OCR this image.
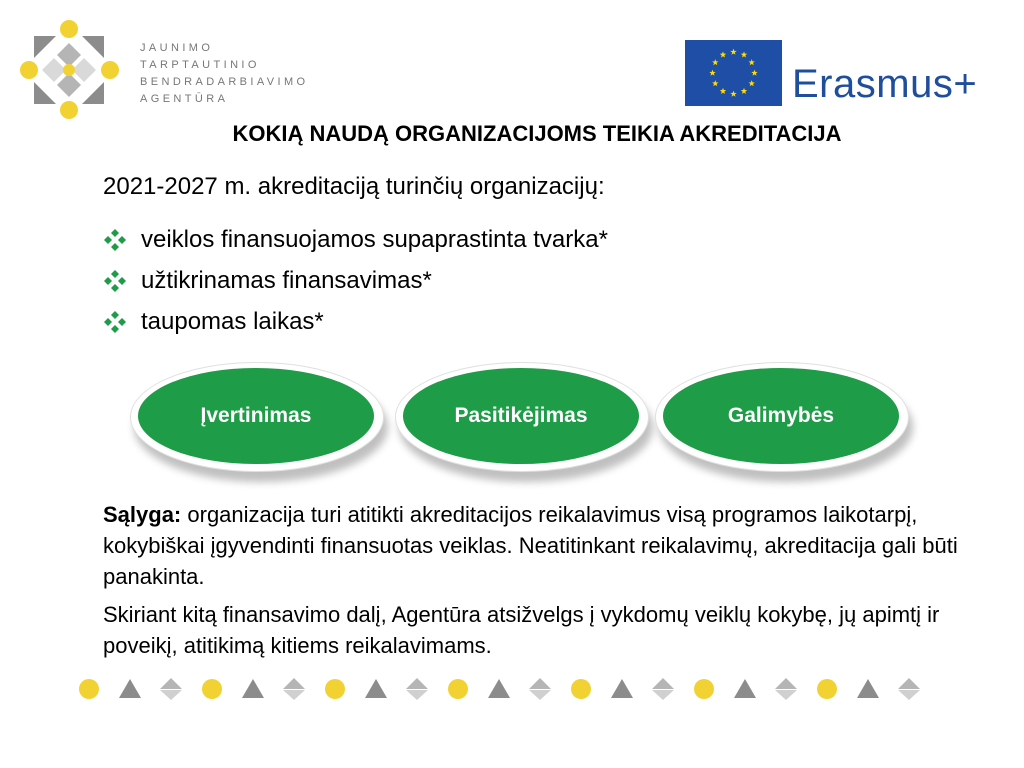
JAUNIMO
TARPTAUTINIO
BENDRADARBIAVIMO
AGENTŪRA	Erasmus+
KOKIĄ NAUDĄ ORGANIZACIJOMS TEIKIA AKREDITACIJA
2021-2027 m. akreditaciją turinčių organizacijų:
veiklos finansuojamos supaprastinta tvarka*
užtikrinamas finansavimas*
taupomas laikas*
Įvertinimas	Pasitikėjimas	Galimybės

Sąlyga: organizacija turi atitikti akreditacijos reikalavimus visą programos laikotarpį, kokybiškai įgyvendinti finansuotas veiklas. Neatitinkant reikalavimų, akreditacija gali būti panakinta.

Skiriant kitą finansavimo dalį, Agentūra atsižvelgs į vykdomų veiklų kokybę, jų apimtį ir poveikį, atitikimą kitiems reikalavimams.
